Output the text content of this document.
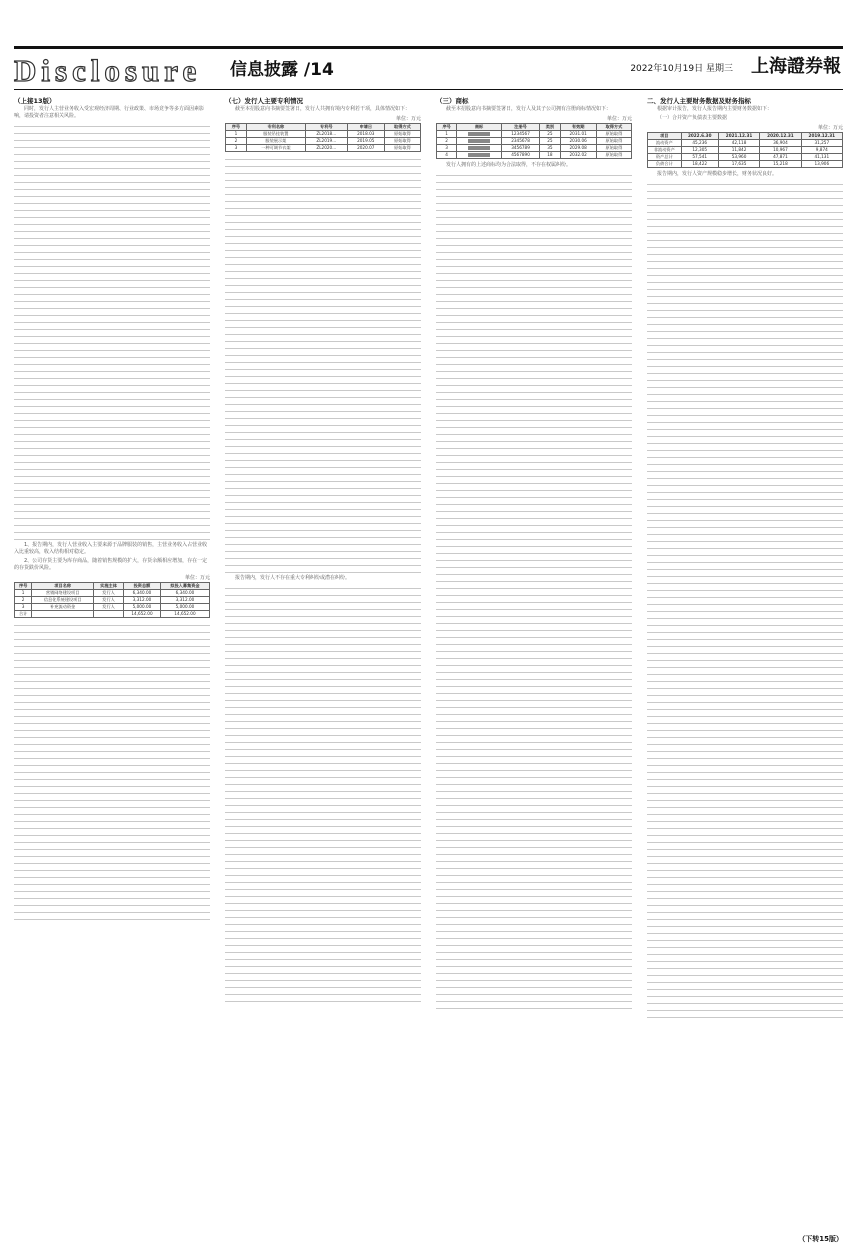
Disclosure 信息披露 /14	2022年10月19日 星期三 上海證券報
（上接13版）

同时，发行人主营业务收入受宏观经济周期、行业政策、市场竞争等多方面因素影响，请投资者注意相关风险。

1、报告期内，发行人营业收入主要来源于品牌服装的销售，主营业务收入占营业收入比重较高，收入结构相对稳定。

2、公司存货主要为库存商品，随着销售规模的扩大，存货余额相应增加，存在一定的存货跌价风险。

单位：万元
序号	项目名称	实施主体	投资总额	拟投入募集资金
1	营销网络建设项目	发行人	6,340.00	6,340.00
2	信息化系统建设项目	发行人	3,312.00	3,312.00
3	补充流动资金	发行人	5,000.00	5,000.00
合计			14,652.00	14,652.00
（七）发行人主要专利情况

截至本招股意向书摘要签署日，发行人共拥有境内专利若干项，具体情况如下：

单位：万元
序号	专利名称	专利号	申请日	取得方式
1	服装吊挂装置	ZL2018...	2018.03	原始取得
2	服装展示架	ZL2019...	2019.05	原始取得
3	一种可调节衣架	ZL2020...	2020.07	原始取得

报告期内，发行人不存在重大专利纠纷或潜在纠纷。

（三）商标

截至本招股意向书摘要签署日，发行人及其子公司拥有注册商标情况如下：

单位：万元
序号	商标	注册号	类别	有效期	取得方式
1		1234567	25	2031.01	原始取得
2		2345678	25	2030.06	原始取得
3		3456789	35	2029.08	原始取得
4		4567890	18	2032.02	原始取得

发行人拥有的上述商标均为合法取得，不存在权属纠纷。

二、发行人主要财务数据及财务指标

根据审计报告，发行人报告期内主要财务数据如下：

（一）合并资产负债表主要数据

单位：万元
项目	2022.6.30	2021.12.31	2020.12.31	2019.12.31
流动资产	45,236	42,118	36,904	31,257
非流动资产	12,305	11,842	10,967	9,874
资产总计	57,541	53,960	47,871	41,131
负债合计	18,422	17,635	15,218	13,906

报告期内，发行人资产规模稳步增长，财务状况良好。

（下转15版）
